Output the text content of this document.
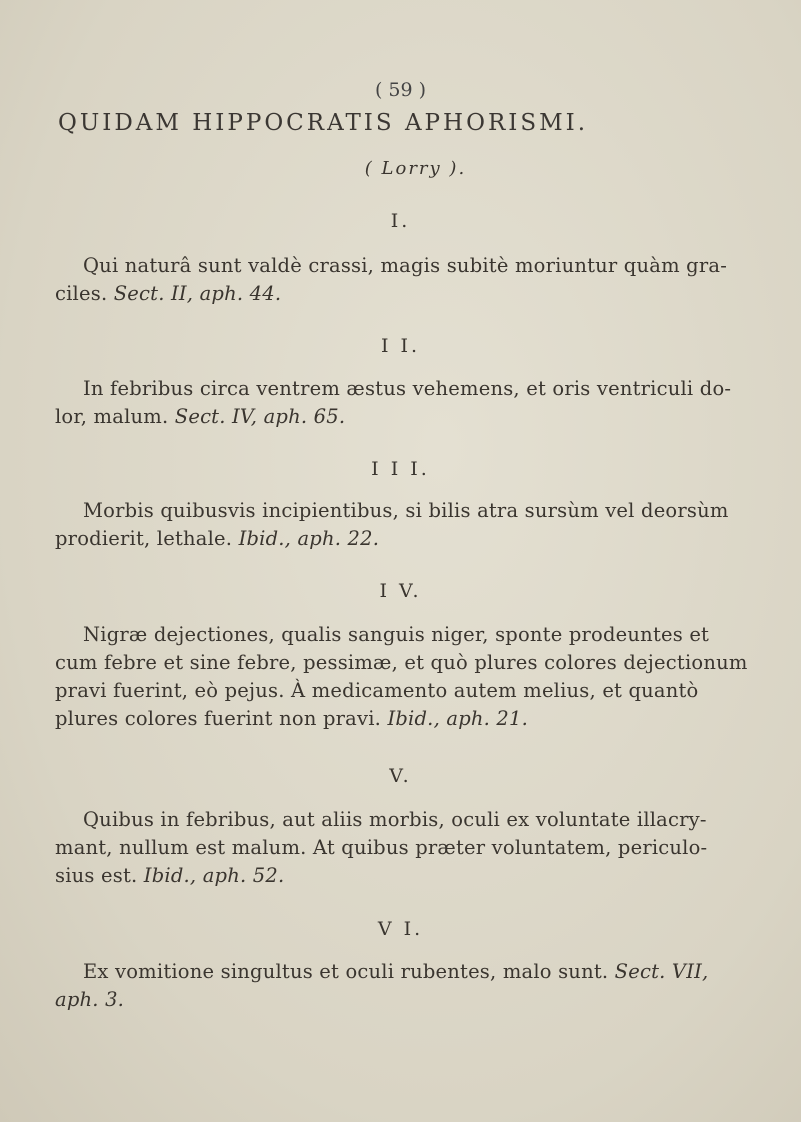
( 59 )
QUIDAM HIPPOCRATIS APHORISMI.
( Lorry ).
I.
Qui naturâ sunt valdè crassi, magis subitè moriuntur quàm gra- ciles. Sect. II, aph. 44.
I I.
In febribus circa ventrem æstus vehemens, et oris ventriculi do- lor, malum. Sect. IV, aph. 65.
I I I.
Morbis quibusvis incipientibus, si bilis atra sursùm vel deorsùm prodierit, lethale. Ibid., aph. 22.
I V.
Nigræ dejectiones, qualis sanguis niger, sponte prodeuntes et cum febre et sine febre, pessimæ, et quò plures colores dejectionum pravi fuerint, eò pejus. À medicamento autem melius, et quantò plures colores fuerint non pravi. Ibid., aph. 21.
V.
Quibus in febribus, aut aliis morbis, oculi ex voluntate illacry- mant, nullum est malum. At quibus præter voluntatem, periculo- sius est. Ibid., aph. 52.
V I.
Ex vomitione singultus et oculi rubentes, malo sunt. Sect. VII, aph. 3.
